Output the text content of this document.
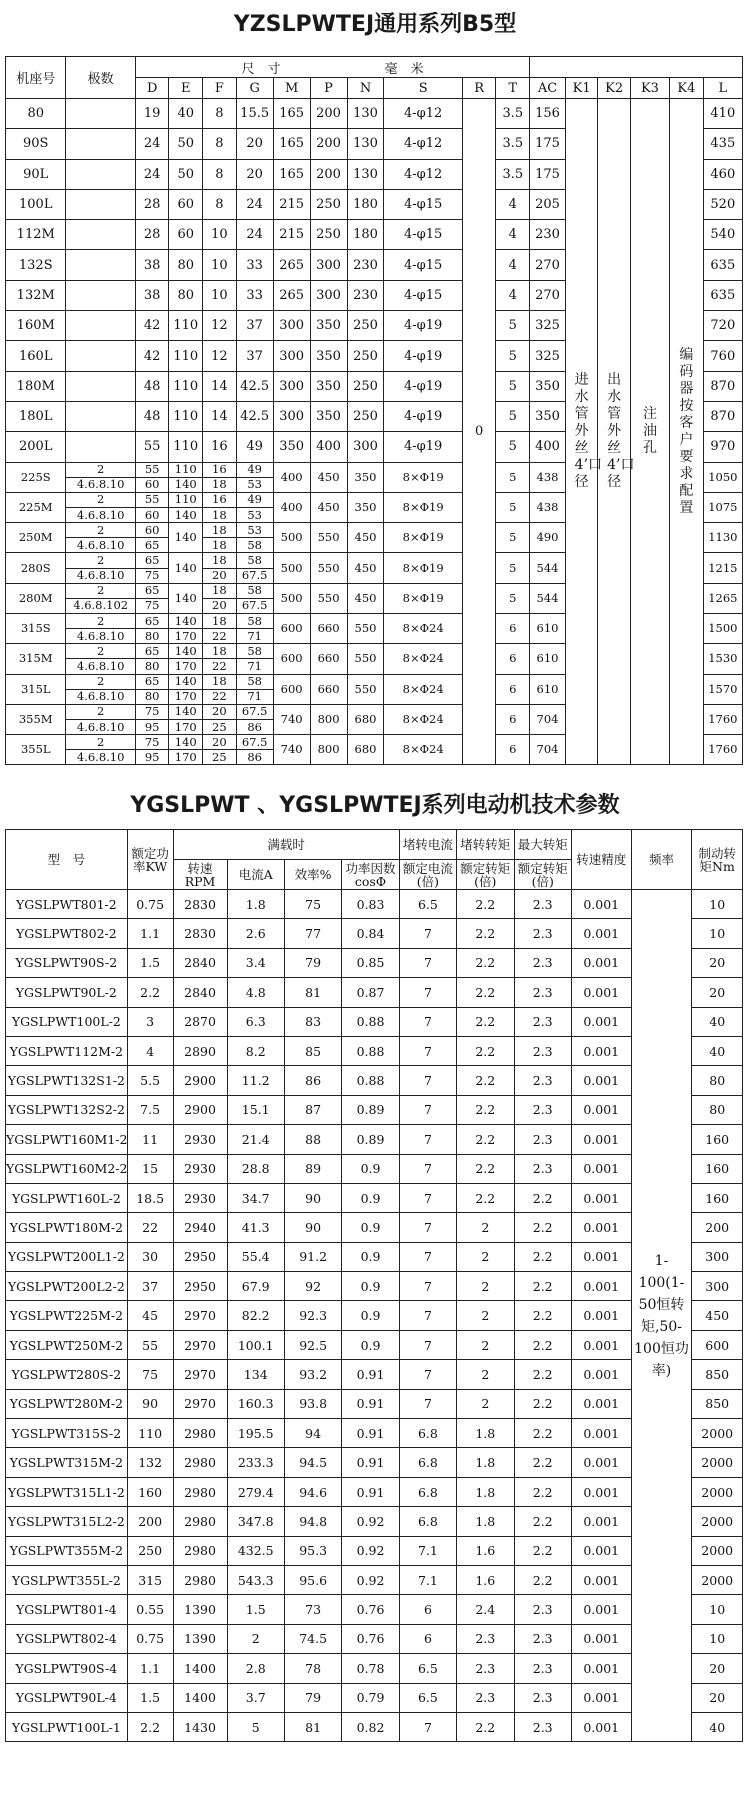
YZSLPWTEJ通用系列B5型
机座号	极数	尺　寸　　　　　　　　毫　米															
		D	E	F	G	M	P	N	S	R	T	AC	K1	K2	K3	K4	L
80		19	40	8	15.5	165	200	130	4-φ12	0	3.5	156	进水管外丝4’口径	出水管外丝4’口径	注油孔	编码器按客户要求配置	410
90S		24	50	8	20	165	200	130	4-φ12		3.5	175					435
90L		24	50	8	20	165	200	130	4-φ12		3.5	175					460
100L		28	60	8	24	215	250	180	4-φ15		4	205					520
112M		28	60	10	24	215	250	180	4-φ15		4	230					540
132S		38	80	10	33	265	300	230	4-φ15		4	270					635
132M		38	80	10	33	265	300	230	4-φ15		4	270					635
160M		42	110	12	37	300	350	250	4-φ19		5	325					720
160L		42	110	12	37	300	350	250	4-φ19		5	325					760
180M		48	110	14	42.5	300	350	250	4-φ19		5	350					870
180L		48	110	14	42.5	300	350	250	4-φ19		5	350					870
200L		55	110	16	49	350	400	300	4-φ19		5	400					970
225S	2	55	110	16	49	400	450	350	8×Φ19		5	438					1050
	4.6.8.10	60	140	18	53												
225M	2	55	110	16	49	400	450	350	8×Φ19		5	438					1075
	4.6.8.10	60	140	18	53												
250M	2	60	140	18	53	500	550	450	8×Φ19		5	490					1130
	4.6.8.10	65		18	58												
280S	2	65	140	18	58	500	550	450	8×Φ19		5	544					1215
	4.6.8.10	75		20	67.5												
280M	2	65	140	18	58	500	550	450	8×Φ19		5	544					1265
	4.6.8.102	75		20	67.5												
315S	2	65	140	18	58	600	660	550	8×Φ24		6	610					1500
	4.6.8.10	80	170	22	71												
315M	2	65	140	18	58	600	660	550	8×Φ24		6	610					1530
	4.6.8.10	80	170	22	71												
315L	2	65	140	18	58	600	660	550	8×Φ24		6	610					1570
	4.6.8.10	80	170	22	71												
355M	2	75	140	20	67.5	740	800	680	8×Φ24		6	704					1760
	4.6.8.10	95	170	25	86												
355L	2	75	140	20	67.5	740	800	680	8×Φ24		6	704					1760
	4.6.8.10	95	170	25	86												
YGSLPWT 、YGSLPWTEJ系列电动机技术参数
型　号	额定功率KW	满载时				堵转电流	堵转转矩	最大转矩	转速精度	频率	制动转矩Nm
		转速RPM	电流A	效率%	功率因数cosΦ	额定电流(倍)	额定转矩(倍)	额定转矩(倍)			
YGSLPWT801-2	0.75	2830	1.8	75	0.83	6.5	2.2	2.3	0.001	1-100(1-50恒转矩,50-100恒功率)	10
YGSLPWT802-2	1.1	2830	2.6	77	0.84	7	2.2	2.3	0.001		10
YGSLPWT90S-2	1.5	2840	3.4	79	0.85	7	2.2	2.3	0.001		20
YGSLPWT90L-2	2.2	2840	4.8	81	0.87	7	2.2	2.3	0.001		20
YGSLPWT100L-2	3	2870	6.3	83	0.88	7	2.2	2.3	0.001		40
YGSLPWT112M-2	4	2890	8.2	85	0.88	7	2.2	2.3	0.001		40
YGSLPWT132S1-2	5.5	2900	11.2	86	0.88	7	2.2	2.3	0.001		80
YGSLPWT132S2-2	7.5	2900	15.1	87	0.89	7	2.2	2.3	0.001		80
YGSLPWT160M1-2	11	2930	21.4	88	0.89	7	2.2	2.3	0.001		160
YGSLPWT160M2-2	15	2930	28.8	89	0.9	7	2.2	2.3	0.001		160
YGSLPWT160L-2	18.5	2930	34.7	90	0.9	7	2.2	2.2	0.001		160
YGSLPWT180M-2	22	2940	41.3	90	0.9	7	2	2.2	0.001		200
YGSLPWT200L1-2	30	2950	55.4	91.2	0.9	7	2	2.2	0.001		300
YGSLPWT200L2-2	37	2950	67.9	92	0.9	7	2	2.2	0.001		300
YGSLPWT225M-2	45	2970	82.2	92.3	0.9	7	2	2.2	0.001		450
YGSLPWT250M-2	55	2970	100.1	92.5	0.9	7	2	2.2	0.001		600
YGSLPWT280S-2	75	2970	134	93.2	0.91	7	2	2.2	0.001		850
YGSLPWT280M-2	90	2970	160.3	93.8	0.91	7	2	2.2	0.001		850
YGSLPWT315S-2	110	2980	195.5	94	0.91	6.8	1.8	2.2	0.001		2000
YGSLPWT315M-2	132	2980	233.3	94.5	0.91	6.8	1.8	2.2	0.001		2000
YGSLPWT315L1-2	160	2980	279.4	94.6	0.91	6.8	1.8	2.2	0.001		2000
YGSLPWT315L2-2	200	2980	347.8	94.8	0.92	6.8	1.8	2.2	0.001		2000
YGSLPWT355M-2	250	2980	432.5	95.3	0.92	7.1	1.6	2.2	0.001		2000
YGSLPWT355L-2	315	2980	543.3	95.6	0.92	7.1	1.6	2.2	0.001		2000
YGSLPWT801-4	0.55	1390	1.5	73	0.76	6	2.4	2.3	0.001		10
YGSLPWT802-4	0.75	1390	2	74.5	0.76	6	2.3	2.3	0.001		10
YGSLPWT90S-4	1.1	1400	2.8	78	0.78	6.5	2.3	2.3	0.001		20
YGSLPWT90L-4	1.5	1400	3.7	79	0.79	6.5	2.3	2.3	0.001		20
YGSLPWT100L-1	2.2	1430	5	81	0.82	7	2.2	2.3	0.001		40
